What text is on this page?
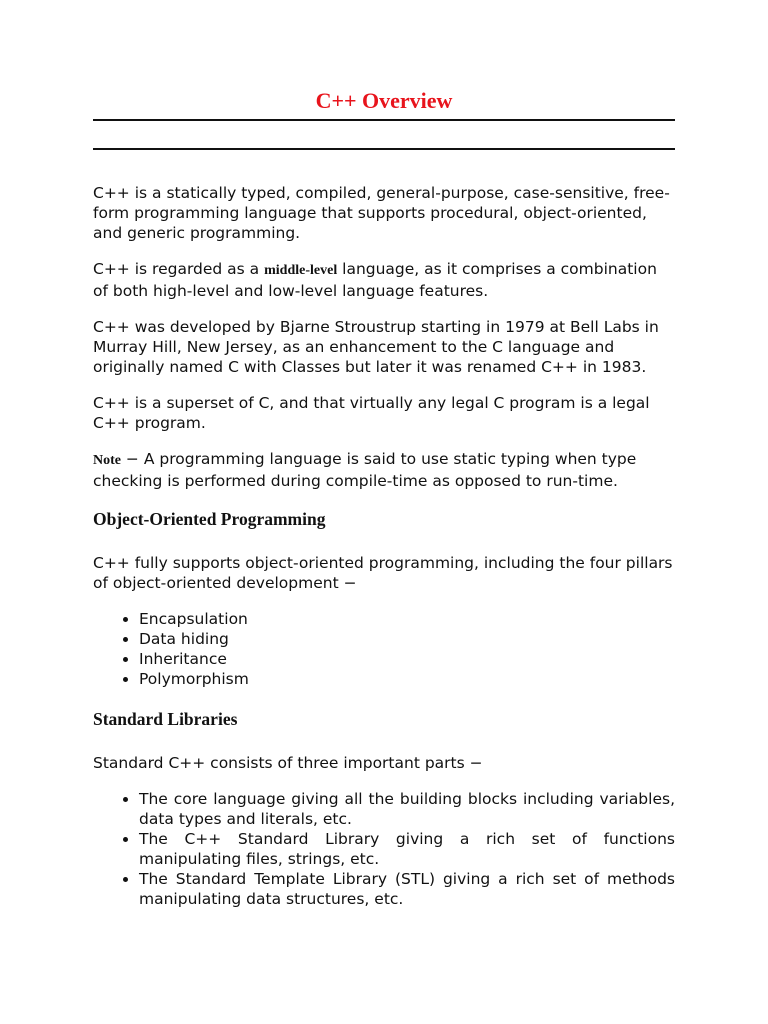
C++ Overview

C++ is a statically typed, compiled, general-purpose, case-sensitive, free-form programming language that supports procedural, object-oriented, and generic programming.

C++ is regarded as a middle-level language, as it comprises a combination of both high-level and low-level language features.

C++ was developed by Bjarne Stroustrup starting in 1979 at Bell Labs in Murray Hill, New Jersey, as an enhancement to the C language and originally named C with Classes but later it was renamed C++ in 1983.

C++ is a superset of C, and that virtually any legal C program is a legal C++ program.

Note − A programming language is said to use static typing when type checking is performed during compile-time as opposed to run-time.

Object-Oriented Programming

C++ fully supports object-oriented programming, including the four pillars of object-oriented development −

• Encapsulation
• Data hiding
• Inheritance
• Polymorphism
Standard Libraries

Standard C++ consists of three important parts −

• The core language giving all the building blocks including variables, data types and literals, etc.
• The C++ Standard Library giving a rich set of functions manipulating files, strings, etc.
• The Standard Template Library (STL) giving a rich set of methods manipulating data structures, etc.
